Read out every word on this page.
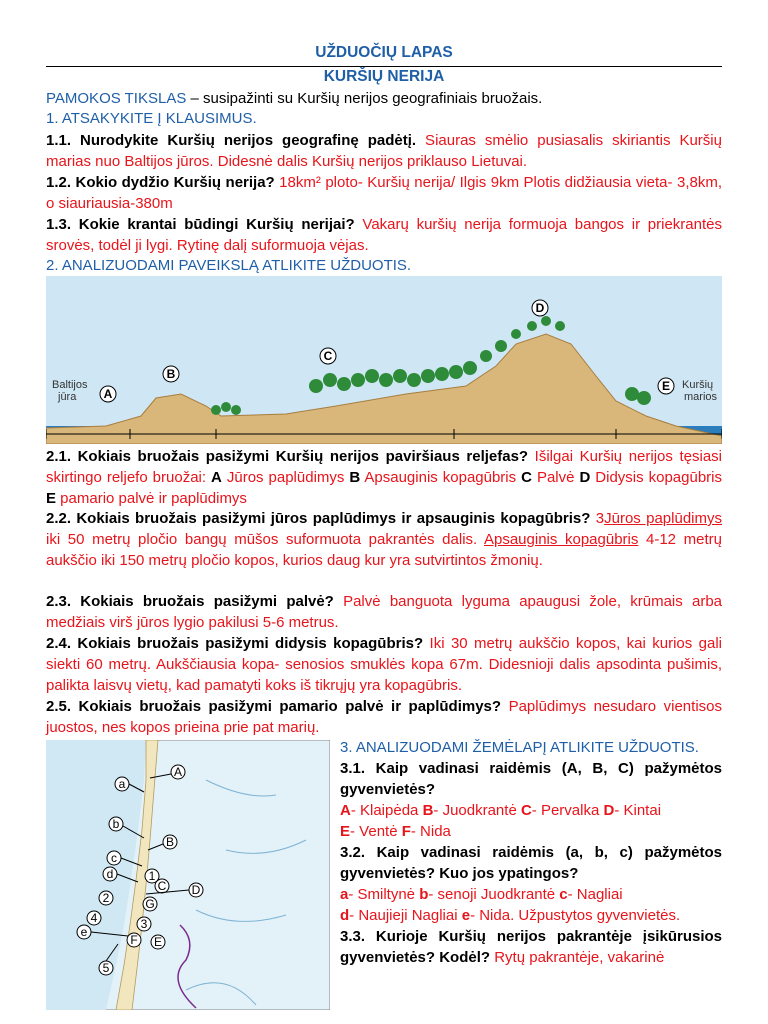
UŽDUOČIŲ LAPAS
KURŠIŲ NERIJA
PAMOKOS TIKSLAS – susipažinti su Kuršių nerijos geografiniais bruožais.
1. ATSAKYKITE Į KLAUSIMUS.
1.1. Nurodykite Kuršių nerijos geografinę padėtį. Siauras smėlio pusiasalis skiriantis Kuršių marias nuo Baltijos jūros. Didesnė dalis Kuršių nerijos priklauso Lietuvai.
1.2. Kokio dydžio Kuršių nerija? 18km² ploto- Kuršių nerija/ Ilgis 9km Plotis didžiausia vieta- 3,8km, o siauriausia-380m
1.3. Kokie krantai būdingi Kuršių nerijai? Vakarų kuršių nerija formuoja bangos ir priekrantės srovės, todėl ji lygi. Rytinę dalį suformuoja vėjas.
2. ANALIZUODAMI PAVEIKSLĄ ATLIKITE UŽDUOTIS.
Baltijos
jūra
Kuršių
marios
A
B
C
D
E
2.1. Kokiais bruožais pasižymi Kuršių nerijos paviršiaus reljefas? Išilgai Kuršių nerijos tęsiasi skirtingo reljefo bruožai: A Jūros paplūdimys B Apsauginis kopagūbris C Palvė D Didysis kopagūbris E pamario palvė ir paplūdimys
2.2. Kokiais bruožais pasižymi jūros paplūdimys ir apsauginis kopagūbris? 3Jūros paplūdimys iki 50 metrų pločio bangų mūšos suformuota pakrantės dalis. Apsauginis kopagūbris 4-12 metrų aukščio iki 150 metrų pločio kopos, kurios daug kur yra sutvirtintos žmonių.
2.3. Kokiais bruožais pasižymi palvė? Palvė banguota lyguma apaugusi žole, krūmais arba medžiais virš jūros lygio pakilusi 5-6 metrus.
2.4. Kokiais bruožais pasižymi didysis kopagūbris? Iki 30 metrų aukščio kopos, kai kurios gali siekti 60 metrų. Aukščiausia kopa- senosios smuklės kopa 67m. Didesnioji dalis apsodinta pušimis, palikta laisvų vietų, kad pamatyti koks iš tikrųjų yra kopagūbris.
2.5. Kokiais bruožais pasižymi pamario palvė ir paplūdimys? Paplūdimys nesudaro vientisos juostos, nes kopos prieina prie pat marių.
A
B
C D
E
F
G
a
b
c
d
e
1
2
3
4
5
3. ANALIZUODAMI ŽEMĖLAPĮ ATLIKITE UŽDUOTIS.
3.1. Kaip vadinasi raidėmis (A, B, C) pažymėtos gyvenvietės?
A- Klaipėda B- Juodkrantė C- Pervalka D- Kintai
E- Ventė F- Nida
3.2. Kaip vadinasi raidėmis (a, b, c) pažymėtos gyvenvietės? Kuo jos ypatingos?
a- Smiltynė b- senoji Juodkrantė c- Nagliai
d- Naujieji Nagliai e- Nida. Užpustytos gyvenvietės.
3.3. Kurioje Kuršių nerijos pakrantėje įsikūrusios gyvenvietės? Kodėl? Rytų pakrantėje, vakarinė
